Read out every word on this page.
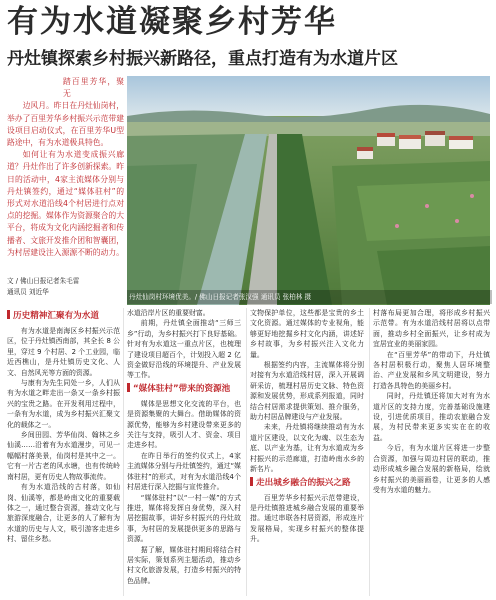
有为水道凝聚乡村芳华
丹灶镇探索乡村振兴新路径，重点打造有为水道片区

踏百里芳华，聚无
边风月。昨日在丹灶仙岗村，举办了百里芳华乡村振兴示范带建设项目启动仪式，在百里芳华U型路途中，有为水道极具特色。

如何让有为水道变成振兴廊道？丹灶作出了许多创新探索。昨日的活动中，4家主流媒体分别与丹灶镇签约，通过“媒体驻村”的形式对水道沿线4个村居进行点对点的挖掘。媒体作为资源聚合的大平台，将成为文化内涵挖掘者和传播者、文旅开发推介团和智囊团，为村居建设注入源源不断的动力。

文 / 佛山日报记者朱毛雷
通讯员 刘近华
丹灶仙岗村环境优美。/ 佛山日报记者张汉强 通讯员 张柏林 摄
历史精神汇聚有为水道

有为水道是南海区乡村振兴示范区，位于丹灶镇西南部，其全长 8 公里，穿过 9 个村居、2 个工业园，临近西樵山，是丹灶镇历史文化、人文、自然风光等方面的资源。

与康有为先生同处一乡，人们从有为水道之畔走出一条又一条乡村振兴的宝贵之路。在开发利用过程中，一条有为水道，成为乡村振兴汇聚文化的载体之一。

乡间田园、芳华仙岗、翰林之乡仙溪……沿着有为水道漫步，可见一幅幅村落美景，仙岗村是其中之一。它有一片古老的风水塘，也有传统岭南村居，更有历史人物故事流传。

有为水道沿线的古村落，如仙岗、仙溪等，都是岭南文化的重要载体之一，通过整合资源，推动文化与旅游深度融合，让更多的人了解有为水道的历史与人文，吸引游客走进乡村、留住乡愁。

水道沿岸片区的重要财富。

前期，丹灶镇全面推动“三师三乡”行动，为乡村振兴打下良好基础。针对有为水道这一重点片区，也梳理了建设项目超百个，计划投入超 2 亿资金做好沿线的环境提升、产业发展等工作。

“媒体驻村”带来的资源池

媒体是思想文化交流的平台，也是资源集聚的大舞台。借助媒体的资源优势，能够为乡村建设带来更多的关注与支持，吸引人才、资金、项目走进乡村。

在昨日举行的签约仪式上，4家主流媒体分别与丹灶镇签约，通过“媒体驻村”的形式，对有为水道沿线4个村居进行深入挖掘与宣传推介。

“媒体驻村”以“一村一媒”的方式推进，媒体将发挥自身优势，深入村居挖掘故事，讲好乡村振兴的丹灶故事，为村居的发展提供更多的思路与资源。

据了解，媒体驻村期间将结合村居实际，策划系列主题活动，推动乡村文化旅游发展，打造乡村振兴的特色品牌。

文物保护单位，这些都是宝贵的乡土文化资源。通过媒体的专业视角，能够更好地挖掘乡村文化内涵，讲述好乡村故事，为乡村振兴注入文化力量。

根据签约内容，主流媒体将分别对接有为水道沿线村居，深入开展调研采访，梳理村居历史文脉、特色资源和发展优势，形成系列报道，同时结合村居需求提供策划、推介服务，助力村居品牌建设与产业发展。

未来，丹灶镇将继续推动有为水道片区建设，以文化为魂、以生态为底、以产业为基，让有为水道成为乡村振兴的示范廊道，打造岭南水乡的新名片。

走出城乡融合的振兴之路

百里芳华乡村振兴示范带建设，是丹灶镇推进城乡融合发展的重要举措。通过串联各村居资源，形成连片发展格局，实现乡村振兴的整体提升。

村落布局更加合理，将形成乡村振兴示范带。有为水道沿线村居将以点带面，推动乡村全面振兴，让乡村成为宜居宜业的美丽家园。

在“百里芳华”的带动下，丹灶镇各村居积极行动，聚焦人居环境整治、产业发展和乡风文明建设，努力打造各具特色的美丽乡村。

同时，丹灶镇还将加大对有为水道片区的支持力度，完善基础设施建设，引进优质项目，推动农旅融合发展，为村民带来更多实实在在的收益。

今后，有为水道片区将进一步整合资源，加强与周边村居的联动，推动形成城乡融合发展的新格局，绘就乡村振兴的美丽画卷，让更多的人感受有为水道的魅力。
